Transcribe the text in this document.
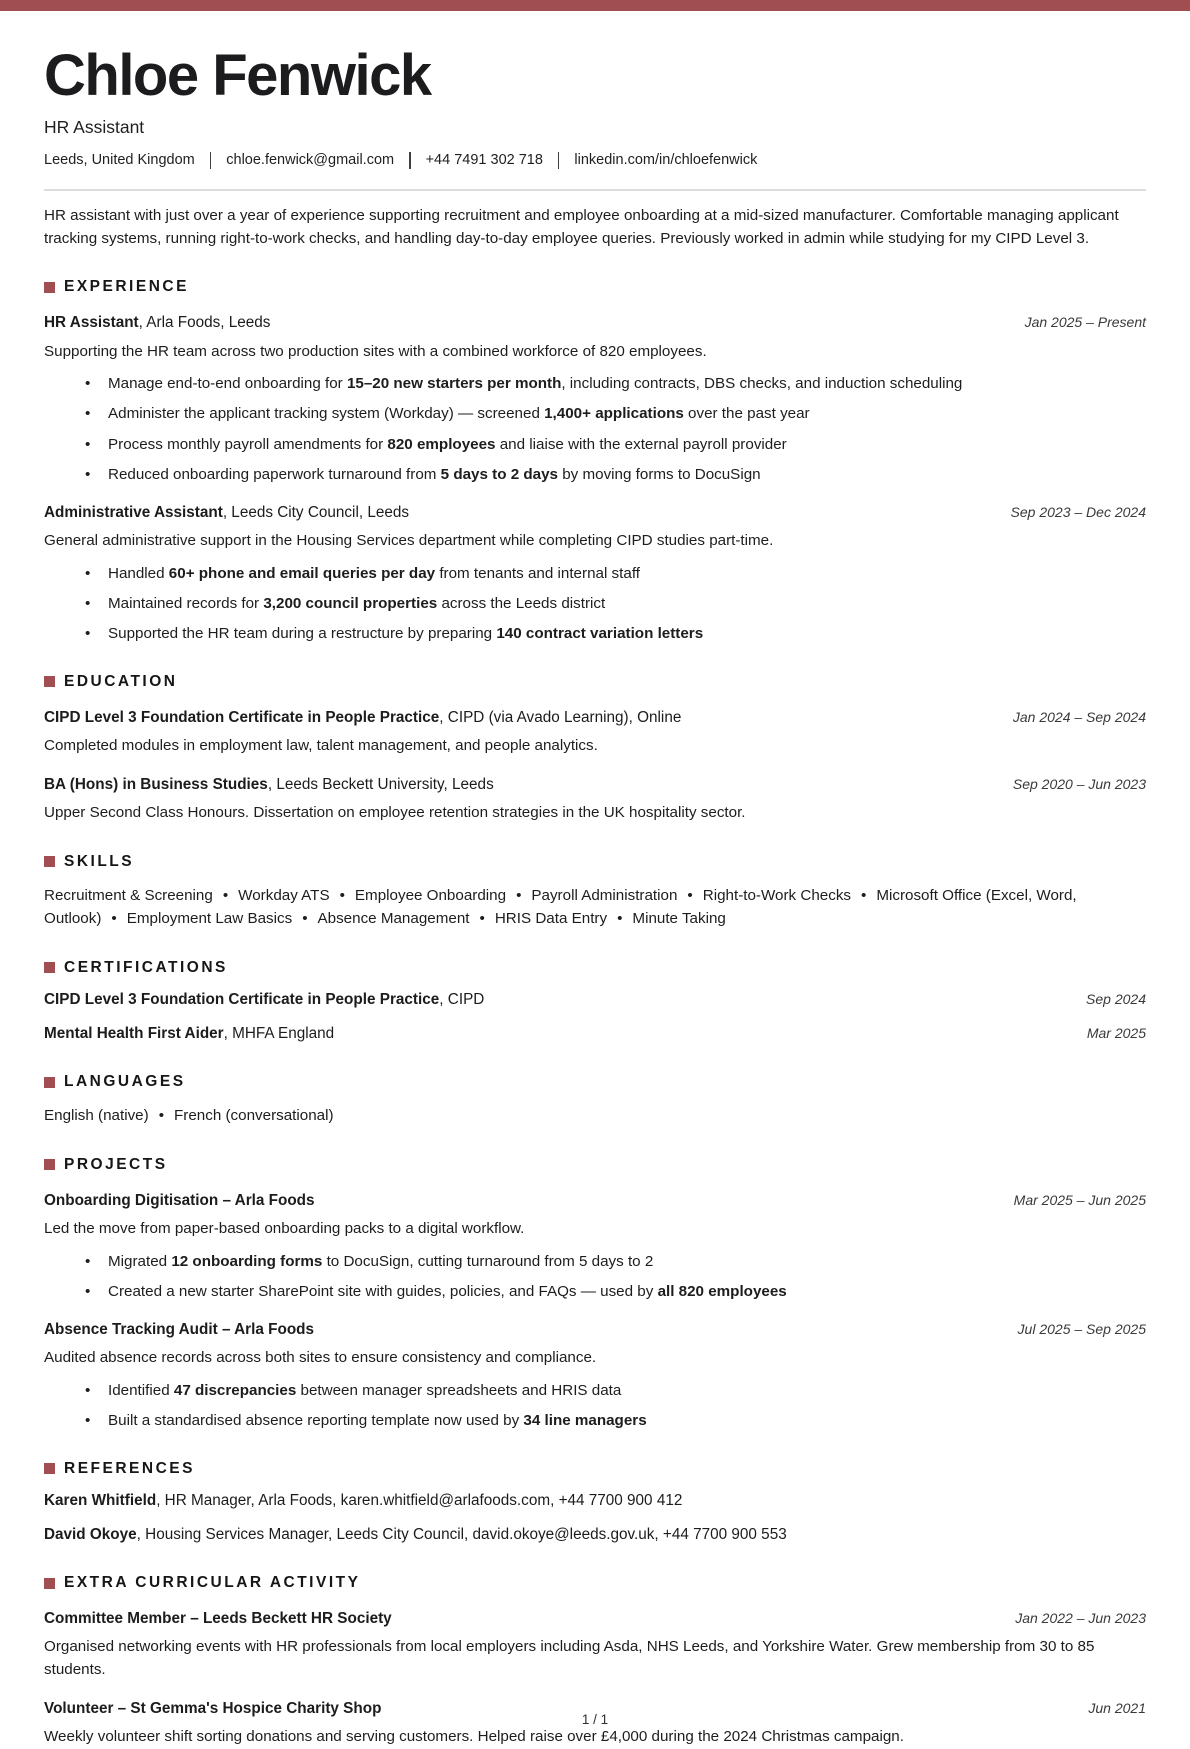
Chloe Fenwick

HR Assistant

Leeds, United Kingdom chloe.fenwick@gmail.com +44 7491 302 718 linkedin.com/in/chloefenwick

HR assistant with just over a year of experience supporting recruitment and employee onboarding at a mid-sized manufacturer. Comfortable managing applicant tracking systems, running right-to-work checks, and handling day-to-day employee queries. Previously worked in admin while studying for my CIPD Level 3.

EXPERIENCE

HR Assistant, Arla Foods, Leeds	Jan 2025 – Present

Supporting the HR team across two production sites with a combined workforce of 820 employees.

• Manage end-to-end onboarding for 15–20 new starters per month, including contracts, DBS checks, and induction scheduling
• Administer the applicant tracking system (Workday) — screened 1,400+ applications over the past year
• Process monthly payroll amendments for 820 employees and liaise with the external payroll provider
• Reduced onboarding paperwork turnaround from 5 days to 2 days by moving forms to DocuSign

Administrative Assistant, Leeds City Council, Leeds	Sep 2023 – Dec 2024

General administrative support in the Housing Services department while completing CIPD studies part-time.

• Handled 60+ phone and email queries per day from tenants and internal staff
• Maintained records for 3,200 council properties across the Leeds district
• Supported the HR team during a restructure by preparing 140 contract variation letters
EDUCATION

CIPD Level 3 Foundation Certificate in People Practice, CIPD (via Avado Learning), Online	Jan 2024 – Sep 2024

Completed modules in employment law, talent management, and people analytics.

BA (Hons) in Business Studies, Leeds Beckett University, Leeds	Sep 2020 – Jun 2023

Upper Second Class Honours. Dissertation on employee retention strategies in the UK hospitality sector.

SKILLS

Recruitment & Screening • Workday ATS • Employee Onboarding • Payroll Administration • Right-to-Work Checks • Microsoft Office (Excel, Word, Outlook) • Employment Law Basics • Absence Management • HRIS Data Entry • Minute Taking

CERTIFICATIONS

CIPD Level 3 Foundation Certificate in People Practice, CIPD	Sep 2024

Mental Health First Aider, MHFA England	Mar 2025
LANGUAGES

English (native) • French (conversational)

PROJECTS

Onboarding Digitisation – Arla Foods	Mar 2025 – Jun 2025

Led the move from paper-based onboarding packs to a digital workflow.

• Migrated 12 onboarding forms to DocuSign, cutting turnaround from 5 days to 2
• Created a new starter SharePoint site with guides, policies, and FAQs — used by all 820 employees

Absence Tracking Audit – Arla Foods	Jul 2025 – Sep 2025

Audited absence records across both sites to ensure consistency and compliance.

• Identified 47 discrepancies between manager spreadsheets and HRIS data
• Built a standardised absence reporting template now used by 34 line managers
REFERENCES

Karen Whitfield, HR Manager, Arla Foods, karen.whitfield@arlafoods.com, +44 7700 900 412

David Okoye, Housing Services Manager, Leeds City Council, david.okoye@leeds.gov.uk, +44 7700 900 553

EXTRA CURRICULAR ACTIVITY

Committee Member – Leeds Beckett HR Society	Jan 2022 – Jun 2023

Organised networking events with HR professionals from local employers including Asda, NHS Leeds, and Yorkshire Water. Grew membership from 30 to 85 students.

Volunteer – St Gemma's Hospice Charity Shop	Jun 2021

Weekly volunteer shift sorting donations and serving customers. Helped raise over £4,000 during the 2024 Christmas campaign.

1 / 1
